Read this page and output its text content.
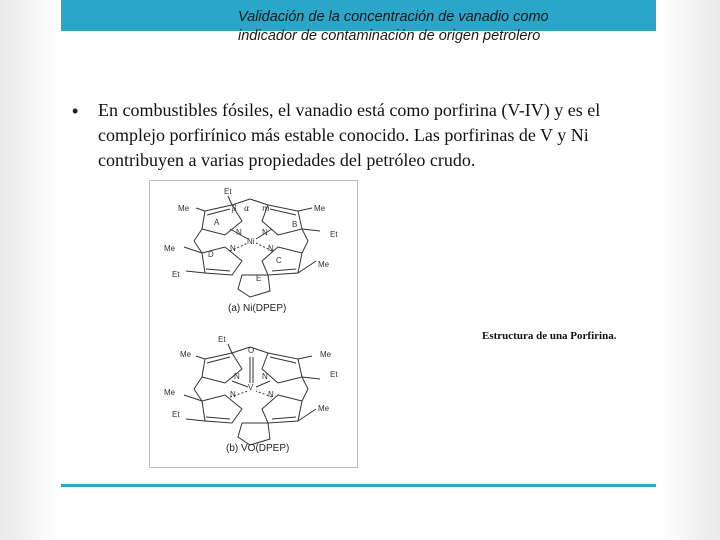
Validación de la concentración de vanadio como
indicador de contaminación de origen petrolero
• En combustibles fósiles, el vanadio está como porfirina (V-IV) y es el complejo porfirínico más estable conocido. Las porfirinas de V y Ni contribuyen a varias propiedades del petróleo crudo.
Et
Me
Et
Me
Me
Et
Me
A	B
C
D
E
β α m
N	N
N	N
Ni
(a) Ni(DPEP)
Et
Me
Et
Me
Me
Et
Me
O
N	N
N	N
V
(b) VO(DPEP)
Estructura de una Porfirina.
